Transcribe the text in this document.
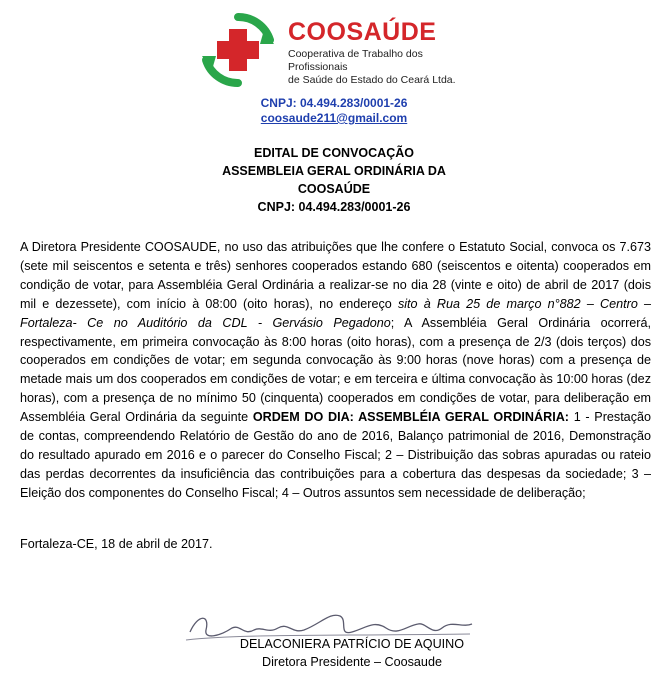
COOSAÚDE
Cooperativa de Trabalho dos Profissionais
de Saúde do Estado do Ceará Ltda.
CNPJ: 04.494.283/0001-26
coosaude211@gmail.com
EDITAL DE CONVOCAÇÃO
ASSEMBLEIA GERAL ORDINÁRIA DA
COOSAÚDE
CNPJ: 04.494.283/0001-26

A Diretora Presidente COOSAUDE, no uso das atribuições que lhe confere o Estatuto Social, convoca os 7.673 (sete mil seiscentos e setenta e três) senhores cooperados estando 680 (seiscentos e oitenta) cooperados em condição de votar, para Assembléia Geral Ordinária a realizar-se no dia 28 (vinte e oito) de abril de 2017 (dois mil e dezessete), com início à 08:00 (oito horas), no endereço sito à Rua 25 de março n°882 – Centro – Fortaleza- Ce no Auditório da CDL - Gervásio Pegadono; A Assembléia Geral Ordinária ocorrerá, respectivamente, em primeira convocação às 8:00 horas (oito horas), com a presença de 2/3 (dois terços) dos cooperados em condições de votar; em segunda convocação às 9:00 horas (nove horas) com a presença de metade mais um dos cooperados em condições de votar; e em terceira e última convocação às 10:00 horas (dez horas), com a presença de no mínimo 50 (cinquenta) cooperados em condições de votar, para deliberação em Assembléia Geral Ordinária da seguinte ORDEM DO DIA: ASSEMBLÉIA GERAL ORDINÁRIA: 1 - Prestação de contas, compreendendo Relatório de Gestão do ano de 2016, Balanço patrimonial de 2016, Demonstração do resultado apurado em 2016 e o parecer do Conselho Fiscal; 2 – Distribuição das sobras apuradas ou rateio das perdas decorrentes da insuficiência das contribuições para a cobertura das despesas da sociedade; 3 – Eleição dos componentes do Conselho Fiscal; 4 – Outros assuntos sem necessidade de deliberação;

Fortaleza-CE, 18 de abril de 2017.
DELACONIERA PATRÍCIO DE AQUINO
Diretora Presidente – Coosaude
